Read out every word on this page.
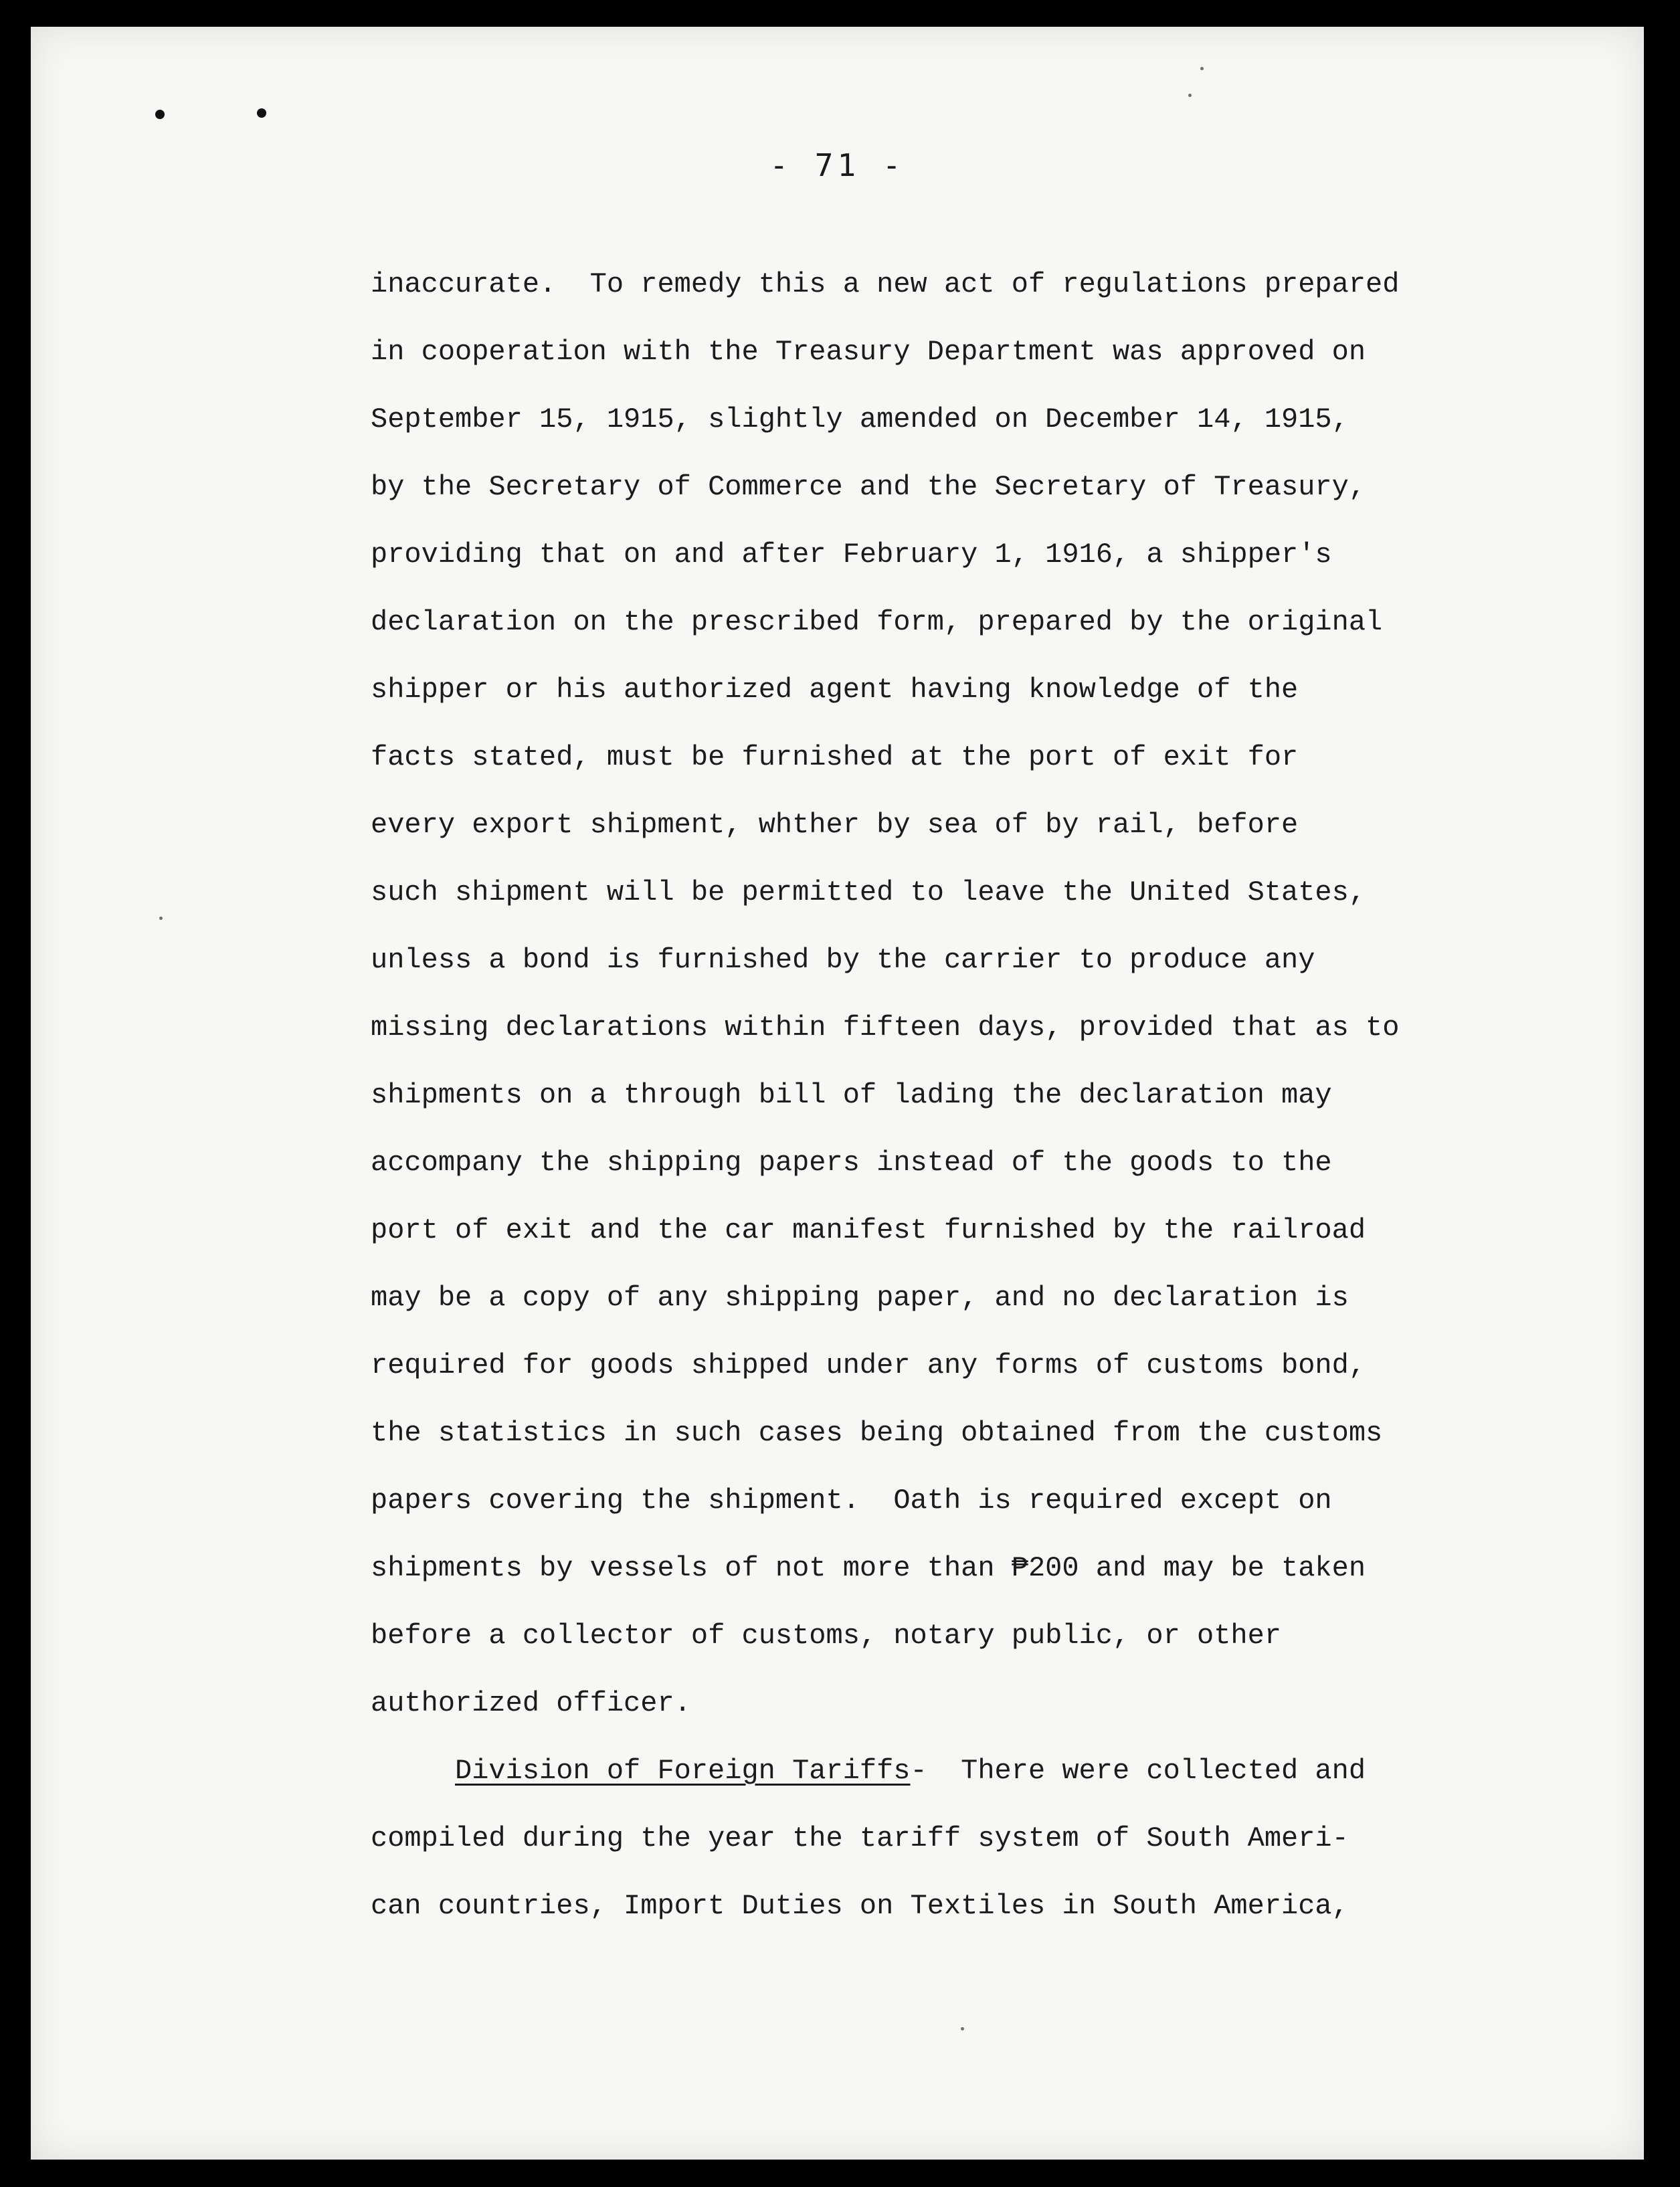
- 71 -
inaccurate.  To remedy this a new act of regulations prepared
in cooperation with the Treasury Department was approved on
September 15, 1915, slightly amended on December 14, 1915,
by the Secretary of Commerce and the Secretary of Treasury,
providing that on and after February 1, 1916, a shipper's
declaration on the prescribed form, prepared by the original
shipper or his authorized agent having knowledge of the
facts stated, must be furnished at the port of exit for
every export shipment, whther by sea of by rail, before
such shipment will be permitted to leave the United States,
unless a bond is furnished by the carrier to produce any
missing declarations within fifteen days, provided that as to
shipments on a through bill of lading the declaration may
accompany the shipping papers instead of the goods to the
port of exit and the car manifest furnished by the railroad
may be a copy of any shipping paper, and no declaration is
required for goods shipped under any forms of customs bond,
the statistics in such cases being obtained from the customs
papers covering the shipment.  Oath is required except on
shipments by vessels of not more than ₱200 and may be taken
before a collector of customs, notary public, or other
authorized officer.
Division of Foreign Tariffs-  There were collected and
compiled during the year the tariff system of South Ameri-
can countries, Import Duties on Textiles in South America,
